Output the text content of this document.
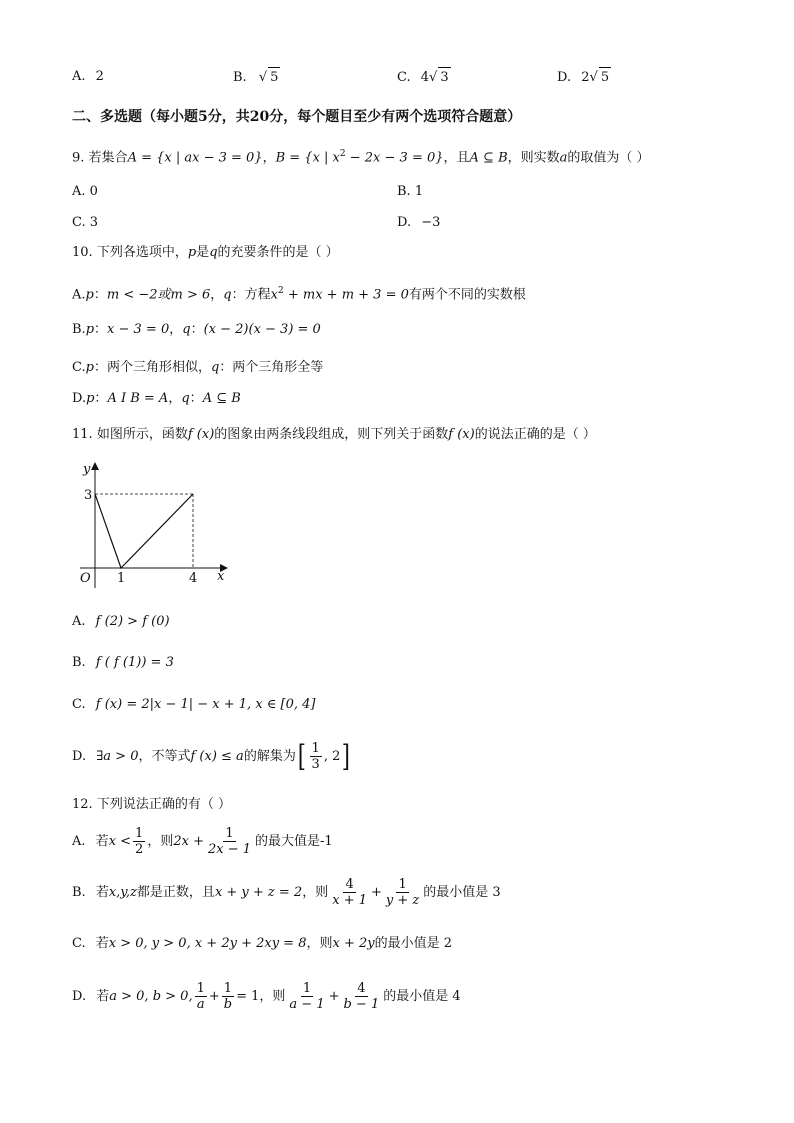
A. 2	B. √ 5	C. 4√ 3	D. 2√ 5
二、多选题（每小题5分，共20分，每个题目至少有两个选项符合题意）
9. 若集合A = {x | ax − 3 = 0}，B = {x | $x^2 - 2x - 3 = 0$}，且A ⊆ B，则实数a的取值为（ ）
A. 0	B. 1
C. 3	D. −3
10. 下列各选项中，p是q的充要条件的是（ ）
A.p：m < −2或m > 6，q：方程$x^2$ + mx + m + 3 = 0有两个不同的实数根
B.p：x − 3 = 0，q：(x − 2)(x − 3) = 0
C.p：两个三角形相似，q：两个三角形全等
D.p：A I B = A，q：A ⊆ B
11. 如图所示，函数f (x)的图象由两条线段组成，则下列关于函数f (x)的说法正确的是（ ）
y
x
O
3
1	4
A. f (2) > f (0)
B. f ( f (1)) = 3
C. f (x) = 2|x − 1| − x + 1, x ∈ [0, 4]
D. ∃a > 0，不等式f (x) ≤ a的解集为[ $\frac{1}{3}$ , 2]
12. 下列说法正确的有（ ）
A. 若$x < \frac{1}{2}$ ，则$2x + \frac{1}{2x - 1}$ 的最大值是-1
B. 若x,y,z都是正数，且x + y + z = 2，则 $\frac{4}{x + 1} + \frac{1}{y + z}$ 的最小值是 3
C. 若x > 0, y > 0, x + 2y + 2xy = 8，则x + 2y的最小值是 2
D. 若a > 0, b > 0, $\frac{1}{a} + \frac{1}{b} = 1$，则 $\frac{1}{a - 1} + \frac{4}{b - 1}$ 的最小值是 4
